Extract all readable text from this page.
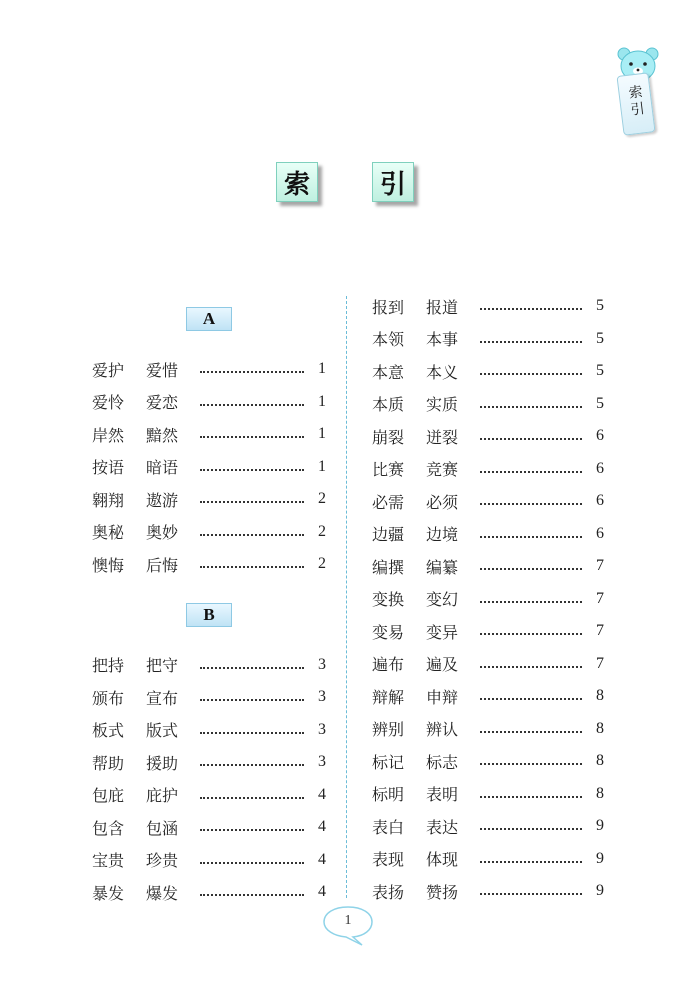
索
引
索	引
A
爱护	爱惜	1
爱怜	爱恋	1
岸然	黯然	1
按语	暗语	1
翱翔	遨游	2
奥秘	奥妙	2
懊悔	后悔	2
B
把持	把守	3
颁布	宣布	3
板式	版式	3
帮助	援助	3
包庇	庇护	4
包含	包涵	4
宝贵	珍贵	4
暴发	爆发	4
报到	报道	5
本领	本事	5
本意	本义	5
本质	实质	5
崩裂	迸裂	6
比赛	竞赛	6
必需	必须	6
边疆	边境	6
编撰	编纂	7
变换	变幻	7
变易	变异	7
遍布	遍及	7
辩解	申辩	8
辨别	辨认	8
标记	标志	8
标明	表明	8
表白	表达	9
表现	体现	9
表扬	赞扬	9
1
